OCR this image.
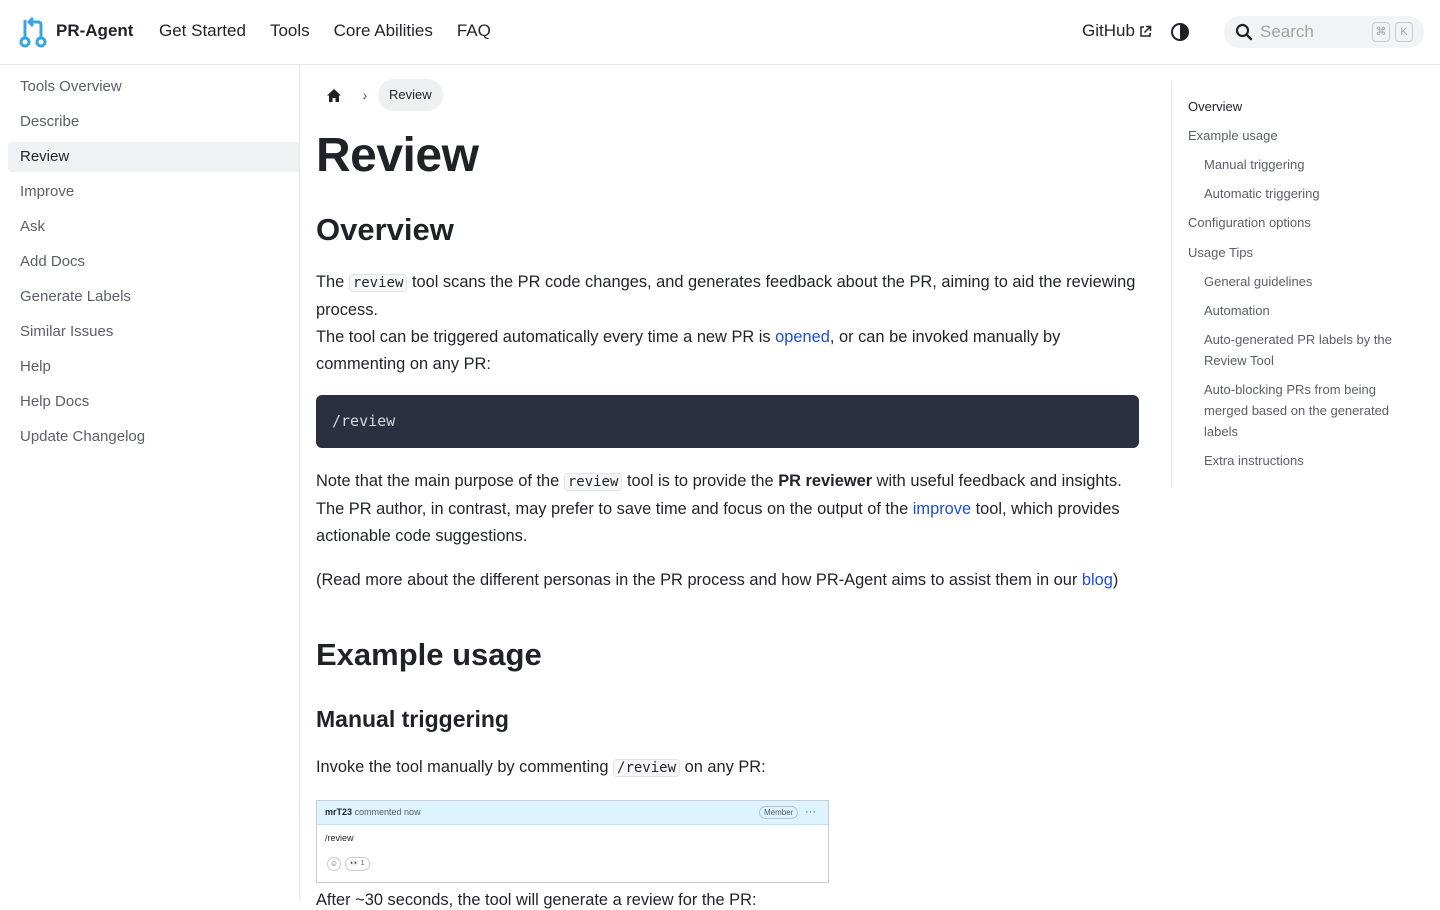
PR-Agent Get Started Tools Core Abilities FAQ	GitHub	Search	⌘	K
Tools Overview
Describe
Review
Improve
Ask
Add Docs
Generate Labels
Similar Issues
Help
Help Docs
Update Changelog
›	Review
Review
Overview
The review tool scans the PR code changes, and generates feedback about the PR, aiming to aid the reviewing process.
The tool can be triggered automatically every time a new PR is opened, or can be invoked manually by commenting on any PR:
/review
Note that the main purpose of the review tool is to provide the PR reviewer with useful feedback and insights. The PR author, in contrast, may prefer to save time and focus on the output of the improve tool, which provides actionable code suggestions.
(Read more about the different personas in the PR process and how PR-Agent aims to assist them in our blog)
Example usage
Manual triggering
Invoke the tool manually by commenting /review on any PR:
mrT23 commented now	Member	···
/review
☺	👀 1
After ~30 seconds, the tool will generate a review for the PR:
Overview
Example usage
Manual triggering
Automatic triggering
Configuration options
Usage Tips
General guidelines
Automation
Auto-generated PR labels by the Review Tool
Auto-blocking PRs from being merged based on the generated labels
Extra instructions
